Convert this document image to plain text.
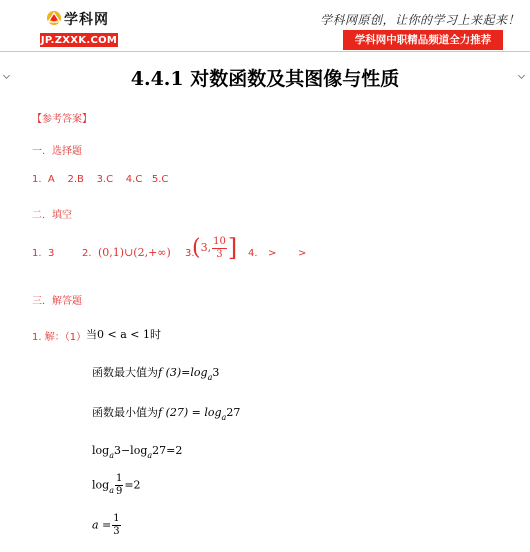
学科网
JP.ZXXK.COM
学科网原创，让你的学习上来起来！
学科网中职精品频道全力推荐
4.4.1 对数函数及其图像与性质
【参考答案】
一．选择题
1.  A    2.B    3.C    4.C   5.C
二．填空
1. 3	2. (0,1)∪(2,+∞) 3.
(3, $\frac{10}{3}$ ] 4. > >
三．解答题
1. 解：（1） 当0 < a < 1时
函数最大值为f $(3)=\log_a3$
函数最小值为f $(27) = \log_a27$
$\log_a3-\log_a27=2$
$\log_a \frac{1}{9} =2$
$a = \frac{1}{3}$
